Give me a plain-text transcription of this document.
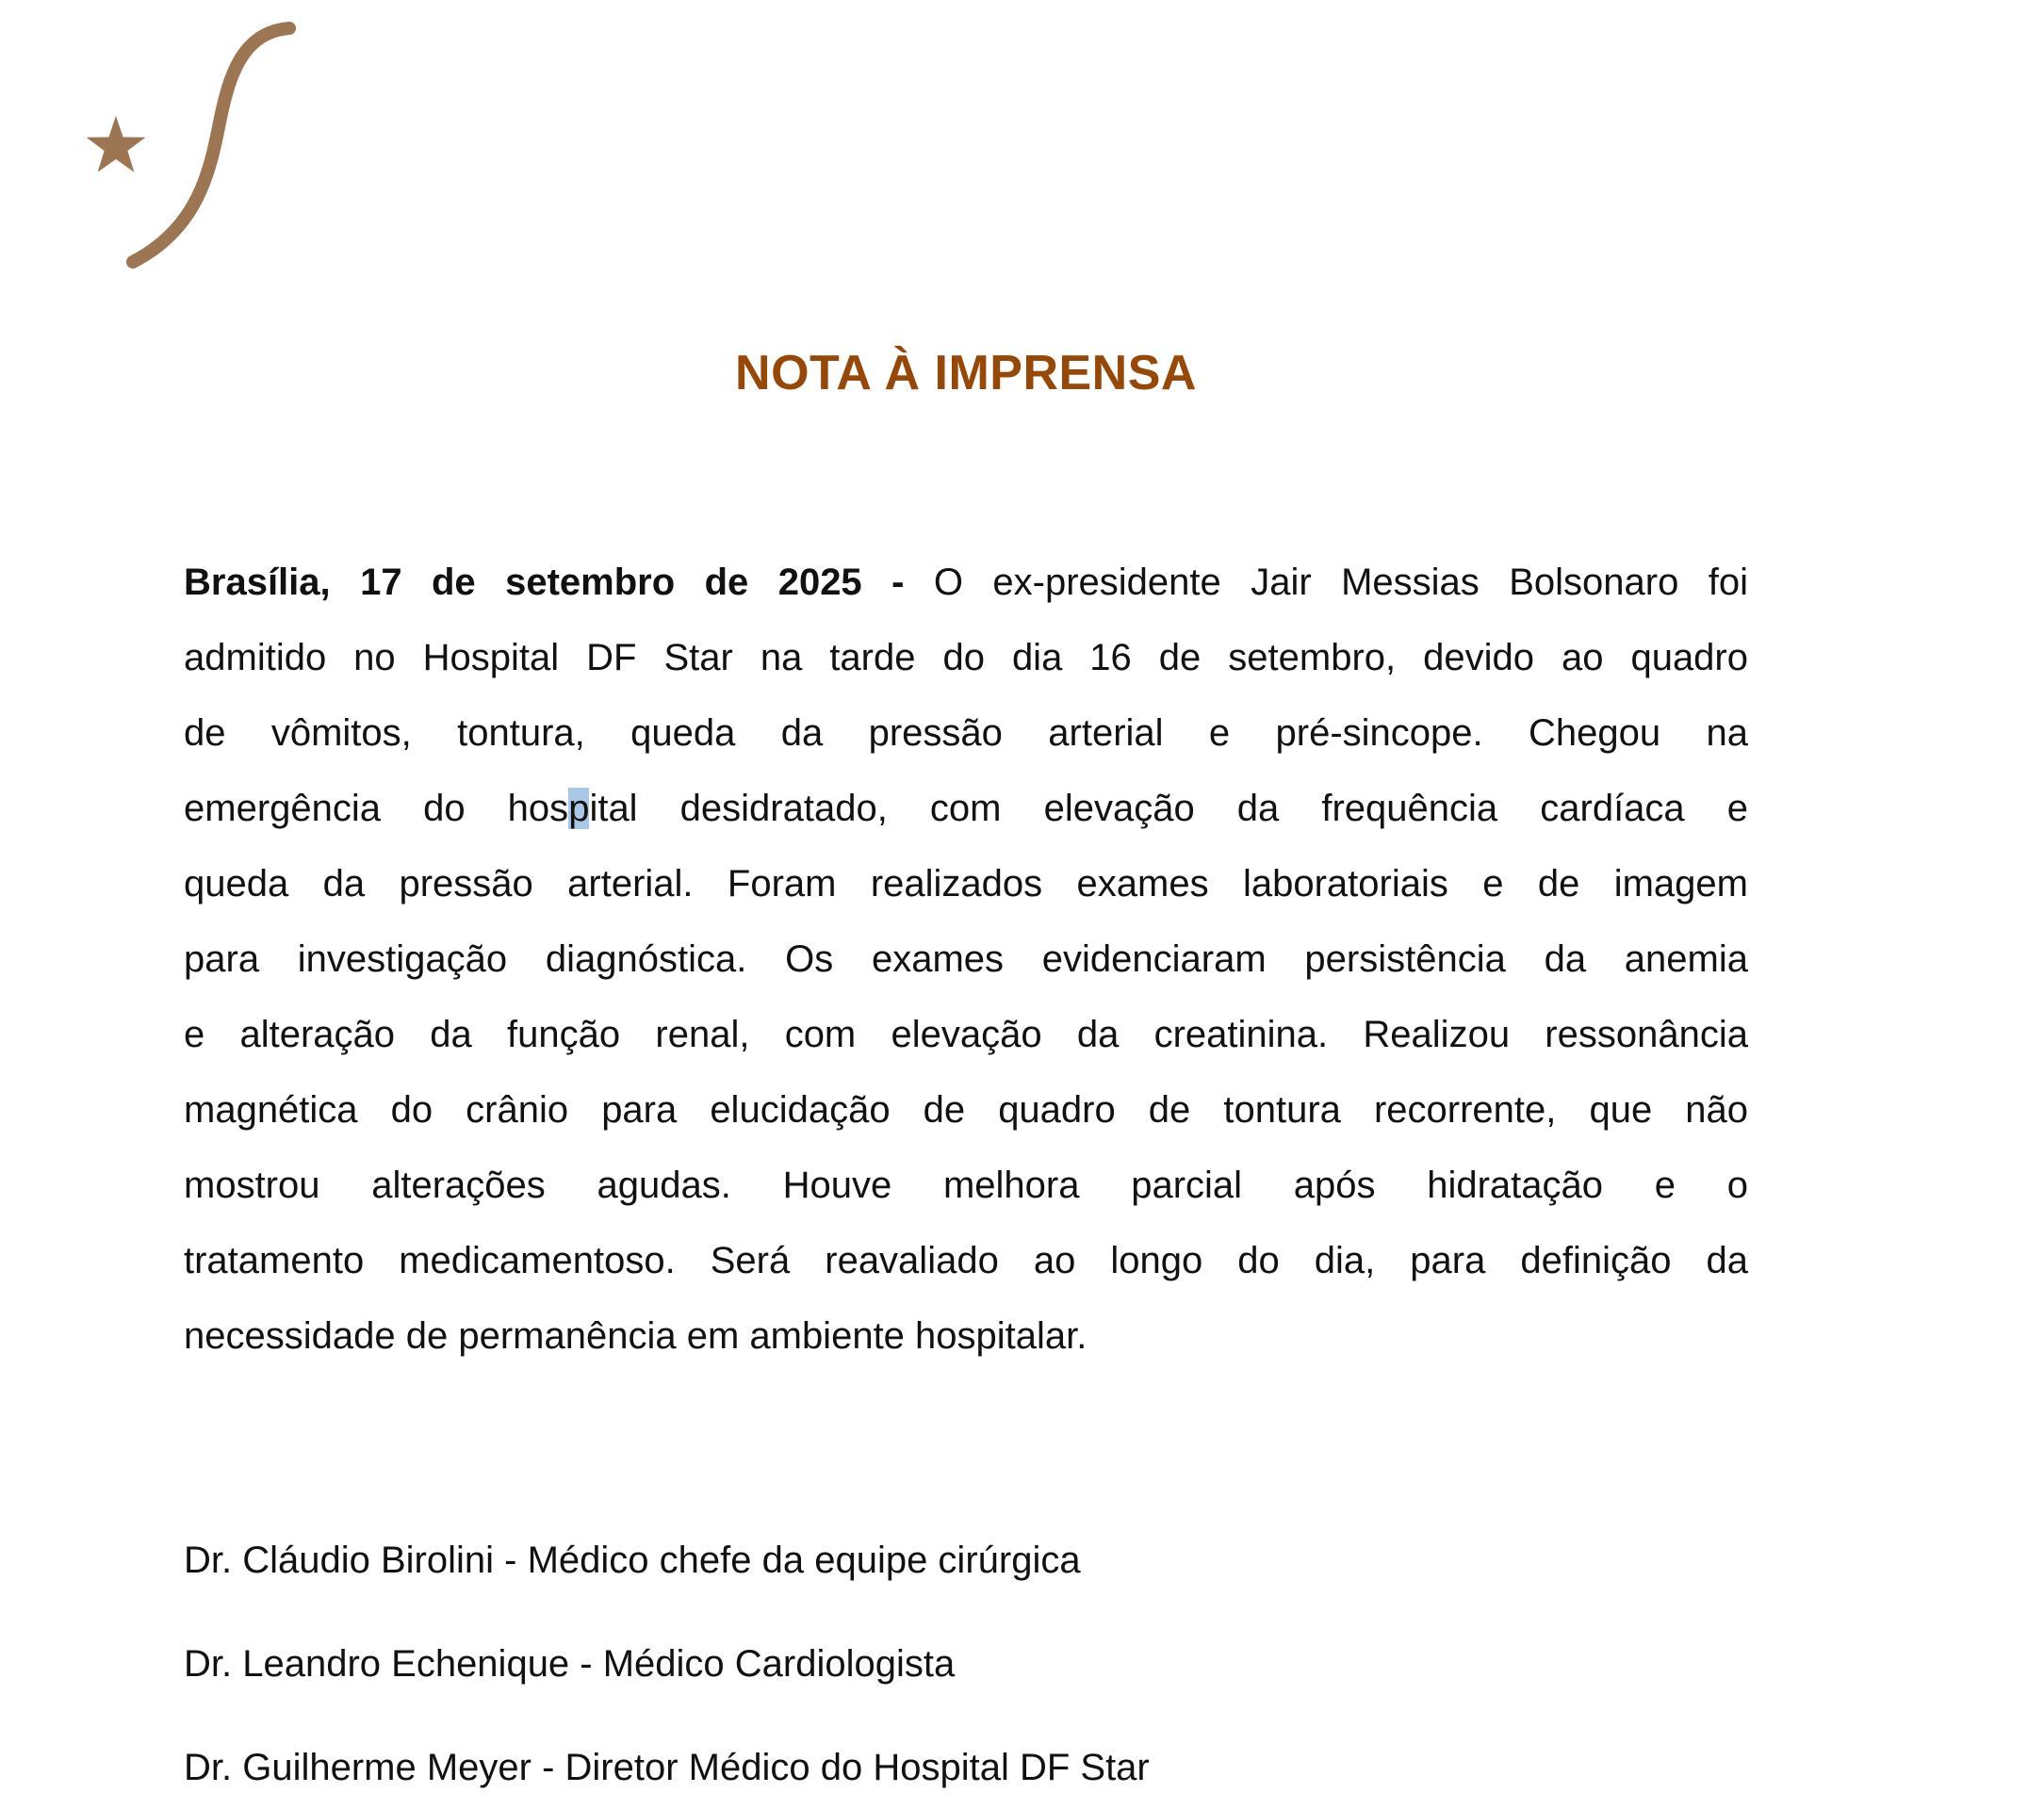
NOTA À IMPRENSA
Brasília, 17 de setembro de 2025 - O ex-presidente Jair Messias Bolsonaro foi
admitido no Hospital DF Star na tarde do dia 16 de setembro, devido ao quadro
de vômitos, tontura, queda da pressão arterial e pré-sincope. Chegou na
emergência do hospital desidratado, com elevação da frequência cardíaca e
queda da pressão arterial. Foram realizados exames laboratoriais e de imagem
para investigação diagnóstica. Os exames evidenciaram persistência da anemia
e alteração da função renal, com elevação da creatinina. Realizou ressonância
magnética do crânio para elucidação de quadro de tontura recorrente, que não
mostrou alterações agudas. Houve melhora parcial após hidratação e o
tratamento medicamentoso. Será reavaliado ao longo do dia, para definição da
necessidade de permanência em ambiente hospitalar.
Dr. Cláudio Birolini - Médico chefe da equipe cirúrgica
Dr. Leandro Echenique - Médico Cardiologista
Dr. Guilherme Meyer - Diretor Médico do Hospital DF Star
